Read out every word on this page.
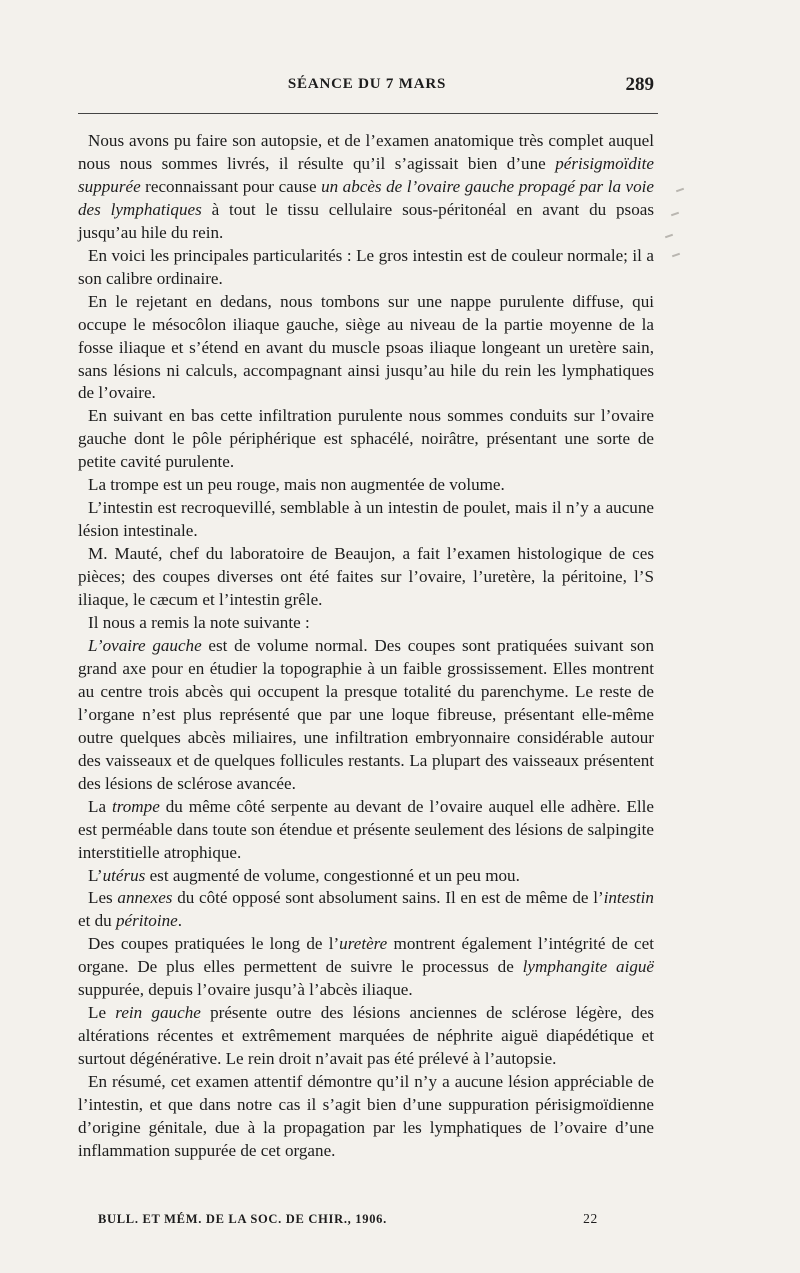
SÉANCE DU 7 MARS	289

Nous avons pu faire son autopsie, et de l’examen anatomique très complet auquel nous nous sommes livrés, il résulte qu’il s’agissait bien d’une périsigmoïdite suppurée reconnaissant pour cause un abcès de l’ovaire gauche propagé par la voie des lymphatiques à tout le tissu cellulaire sous-péritonéal en avant du psoas jusqu’au hile du rein.

En voici les principales particularités : Le gros intestin est de couleur normale; il a son calibre ordinaire.

En le rejetant en dedans, nous tombons sur une nappe purulente diffuse, qui occupe le mésocôlon iliaque gauche, siège au niveau de la partie moyenne de la fosse iliaque et s’étend en avant du muscle psoas iliaque longeant un uretère sain, sans lésions ni calculs, accompagnant ainsi jusqu’au hile du rein les lymphatiques de l’ovaire.

En suivant en bas cette infiltration purulente nous sommes conduits sur l’ovaire gauche dont le pôle périphérique est sphacélé, noirâtre, présentant une sorte de petite cavité purulente.

La trompe est un peu rouge, mais non augmentée de volume.

L’intestin est recroquevillé, semblable à un intestin de poulet, mais il n’y a aucune lésion intestinale.

M. Mauté, chef du laboratoire de Beaujon, a fait l’examen histologique de ces pièces; des coupes diverses ont été faites sur l’ovaire, l’uretère, la péritoine, l’S iliaque, le cæcum et l’intestin grêle.

Il nous a remis la note suivante :

L’ovaire gauche est de volume normal. Des coupes sont pratiquées suivant son grand axe pour en étudier la topographie à un faible grossissement. Elles montrent au centre trois abcès qui occupent la presque totalité du parenchyme. Le reste de l’organe n’est plus représenté que par une loque fibreuse, présentant elle-même outre quelques abcès miliaires, une infiltration embryonnaire considérable autour des vaisseaux et de quelques follicules restants. La plupart des vaisseaux présentent des lésions de sclérose avancée.

La trompe du même côté serpente au devant de l’ovaire auquel elle adhère. Elle est perméable dans toute son étendue et présente seulement des lésions de salpingite interstitielle atrophique.

L’utérus est augmenté de volume, congestionné et un peu mou.

Les annexes du côté opposé sont absolument sains. Il en est de même de l’intestin et du péritoine.

Des coupes pratiquées le long de l’uretère montrent également l’intégrité de cet organe. De plus elles permettent de suivre le processus de lymphangite aiguë suppurée, depuis l’ovaire jusqu’à l’abcès iliaque.

Le rein gauche présente outre des lésions anciennes de sclérose légère, des altérations récentes et extrêmement marquées de néphrite aiguë diapédétique et surtout dégénérative. Le rein droit n’avait pas été prélevé à l’autopsie.

En résumé, cet examen attentif démontre qu’il n’y a aucune lésion appréciable de l’intestin, et que dans notre cas il s’agit bien d’une suppuration périsigmoïdienne d’origine génitale, due à la propagation par les lymphatiques de l’ovaire d’une inflammation suppurée de cet organe.

BULL. ET MÉM. DE LA SOC. DE CHIR., 1906.	22
